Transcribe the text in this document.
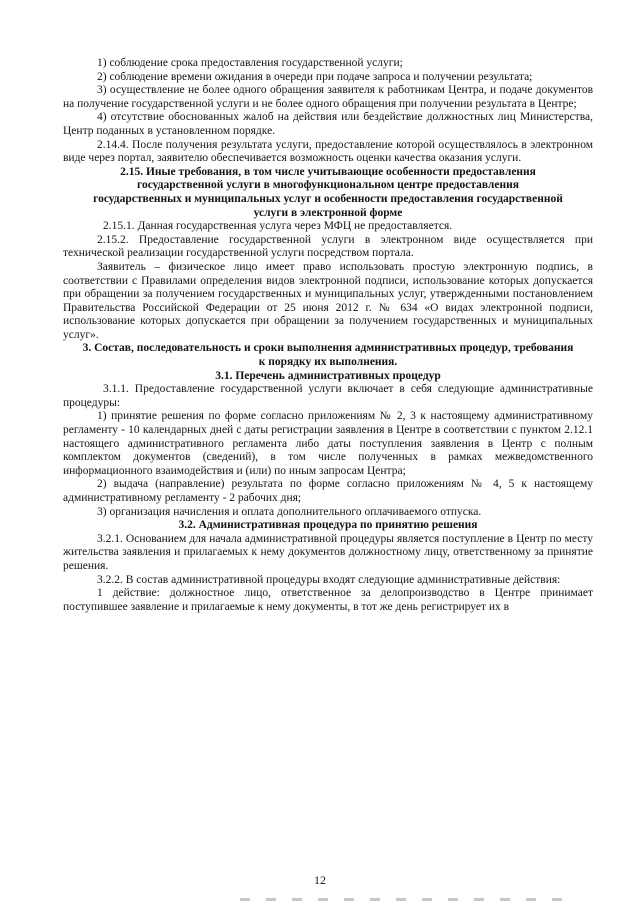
1) соблюдение срока предоставления государственной услуги;

2) соблюдение времени ожидания в очереди при подаче запроса и получении результата;

3) осуществление не более одного обращения заявителя к работникам Центра, и подаче документов на получение государственной услуги и не более одного обращения при получении результата в Центре;

4) отсутствие обоснованных жалоб на действия или бездействие должностных лиц Министерства, Центр поданных в установленном порядке.

2.14.4. После получения результата услуги, предоставление которой осуществлялось в электронном виде через портал, заявителю обеспечивается возможность оценки качества оказания услуги.

2.15. Иные требования, в том числе учитывающие особенности предоставления государственной услуги в многофункциональном центре предоставления государственных и муниципальных услуг и особенности предоставления государственной услуги в электронной форме

2.15.1. Данная государственная услуга через МФЦ не предоставляется.

2.15.2. Предоставление государственной услуги в электронном виде осуществляется при технической реализации государственной услуги посредством портала.

Заявитель – физическое лицо имеет право использовать простую электронную подпись, в соответствии с Правилами определения видов электронной подписи, использование которых допускается при обращении за получением государственных и муниципальных услуг, утвержденными постановлением Правительства Российской Федерации от 25 июня 2012 г. № 634 «О видах электронной подписи, использование которых допускается при обращении за получением государственных и муниципальных услуг».

3. Состав, последовательность и сроки выполнения административных процедур, требования к порядку их выполнения.

3.1. Перечень административных процедур

3.1.1. Предоставление государственной услуги включает в себя следующие административные процедуры:

1) принятие решения по форме согласно приложениям № 2, 3 к настоящему административному регламенту - 10 календарных дней с даты регистрации заявления в Центре в соответствии с пунктом 2.12.1 настоящего административного регламента либо даты поступления заявления в Центр с полным комплектом документов (сведений), в том числе полученных в рамках межведомственного информационного взаимодействия и (или) по иным запросам Центра;

2) выдача (направление) результата по форме согласно приложениям № 4, 5 к настоящему административному регламенту - 2 рабочих дня;

3) организация начисления и оплата дополнительного оплачиваемого отпуска.

3.2. Административная процедура по принятию решения

3.2.1. Основанием для начала административной процедуры является поступление в Центр по месту жительства заявления и прилагаемых к нему документов должностному лицу, ответственному за принятие решения.

3.2.2. В состав административной процедуры входят следующие административные действия:

1 действие: должностное лицо, ответственное за делопроизводство в Центре принимает поступившее заявление и прилагаемые к нему документы, в тот же день регистрирует их в

12
